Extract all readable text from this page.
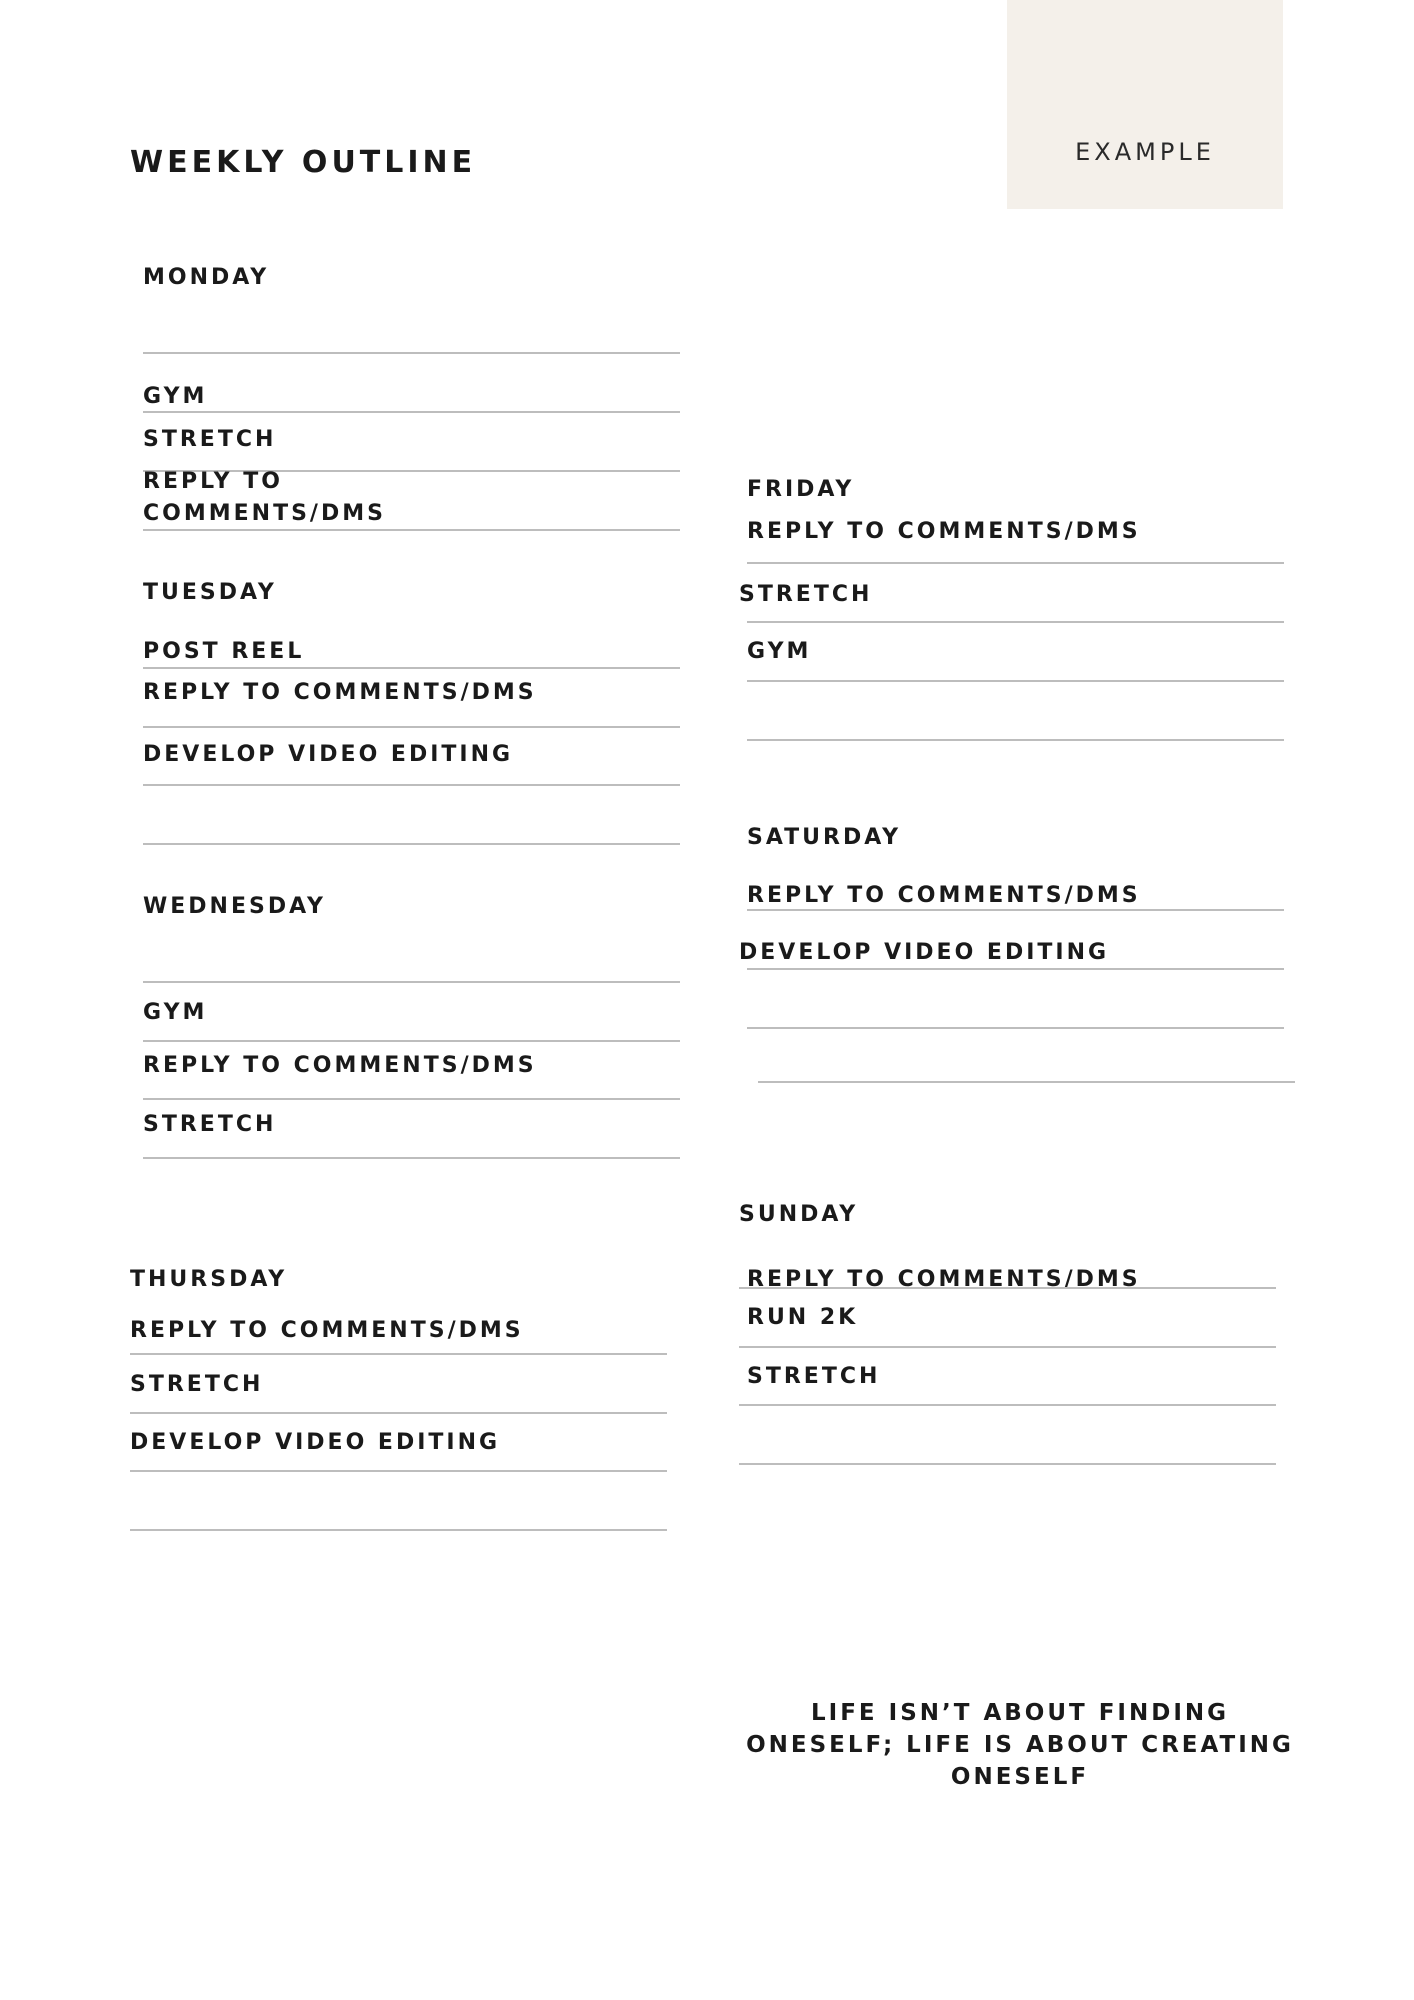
WEEKLY OUTLINE	EXAMPLE
MONDAY
GYM
STRETCH
REPLY TO
COMMENTS/DMS
TUESDAY
POST REEL
REPLY TO COMMENTS/DMS
DEVELOP VIDEO EDITING
WEDNESDAY
GYM
REPLY TO COMMENTS/DMS
STRETCH
THURSDAY
REPLY TO COMMENTS/DMS
STRETCH
DEVELOP VIDEO EDITING
FRIDAY
REPLY TO COMMENTS/DMS
STRETCH
GYM
SATURDAY
REPLY TO COMMENTS/DMS
DEVELOP VIDEO EDITING
SUNDAY
REPLY TO COMMENTS/DMS
RUN 2K
STRETCH
LIFE ISN’T ABOUT FINDING ONESELF; LIFE IS ABOUT CREATING ONESELF
